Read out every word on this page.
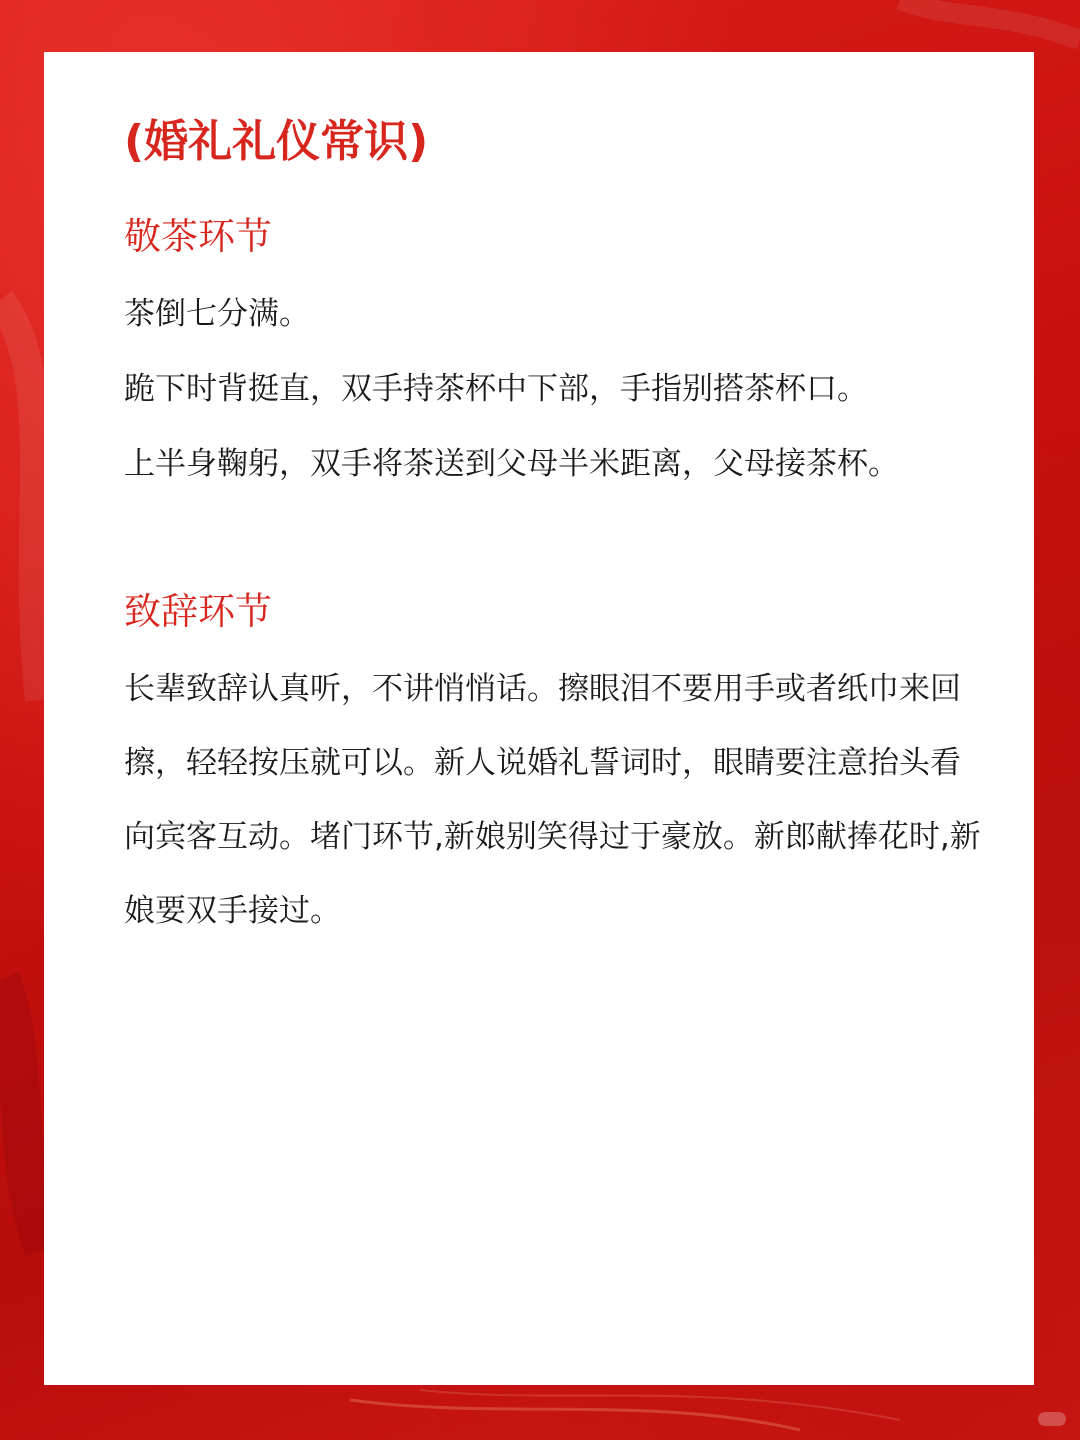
(婚礼礼仪常识)
敬茶环节

茶倒七分满。

跪下时背挺直，双手持茶杯中下部，手指别搭茶杯口。

上半身鞠躬，双手将茶送到父母半米距离，父母接茶杯。

致辞环节

长辈致辞认真听，不讲悄悄话。擦眼泪不要用手或者纸巾来回擦，轻轻按压就可以。新人说婚礼誓词时，眼睛要注意抬头看向宾客互动。堵门环节,新娘别笑得过于豪放。新郎献捧花时,新娘要双手接过。
